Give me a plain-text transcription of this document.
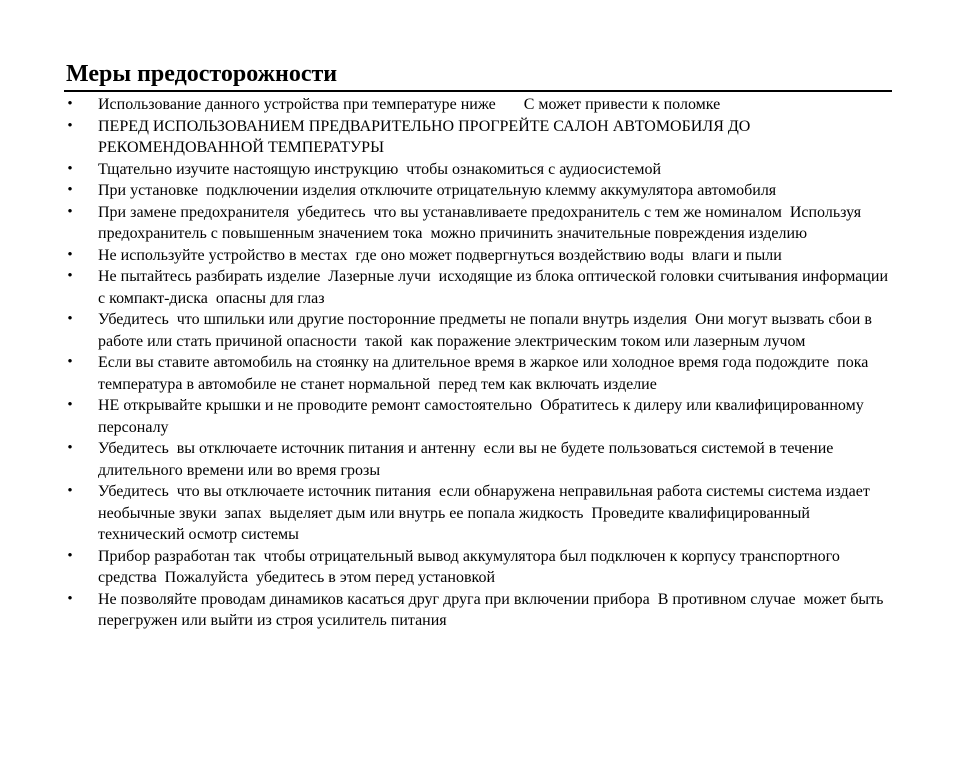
Меры предосторожности
• Использование данного устройства при температуре ниже       С может привести к поломке
• ПЕРЕД ИСПОЛЬЗОВАНИЕМ ПРЕДВАРИТЕЛЬНО ПРОГРЕЙТЕ САЛОН АВТОМОБИЛЯ ДО РЕКОМЕНДОВАННОЙ ТЕМПЕРАТУРЫ
• Тщательно изучите настоящую инструкцию  чтобы ознакомиться с аудиосистемой
• При установке  подключении изделия отключите отрицательную клемму аккумулятора автомобиля
• При замене предохранителя  убедитесь  что вы устанавливаете предохранитель с тем же номиналом  Используя предохранитель с повышенным значением тока  можно причинить значительные повреждения изделию
• Не используйте устройство в местах  где оно может подвергнуться воздействию воды  влаги и пыли
• Не пытайтесь разбирать изделие  Лазерные лучи  исходящие из блока оптической головки считывания информации с компакт-диска  опасны для глаз
• Убедитесь  что шпильки или другие посторонние предметы не попали внутрь изделия  Они могут вызвать сбои в работе или стать причиной опасности  такой  как поражение электрическим током или лазерным лучом
• Если вы ставите автомобиль на стоянку на длительное время в жаркое или холодное время года подождите  пока температура в автомобиле не станет нормальной  перед тем как включать изделие
• НЕ открывайте крышки и не проводите ремонт самостоятельно  Обратитесь к дилеру или квалифицированному персоналу
• Убедитесь  вы отключаете источник питания и антенну  если вы не будете пользоваться системой в течение длительного времени или во время грозы
• Убедитесь  что вы отключаете источник питания  если обнаружена неправильная работа системы система издает необычные звуки  запах  выделяет дым или внутрь ее попала жидкость  Проведите квалифицированный технический осмотр системы
• Прибор разработан так  чтобы отрицательный вывод аккумулятора был подключен к корпусу транспортного средства  Пожалуйста  убедитесь в этом перед установкой
• Не позволяйте проводам динамиков касаться друг друга при включении прибора  В противном случае  может быть перегружен или выйти из строя усилитель питания
